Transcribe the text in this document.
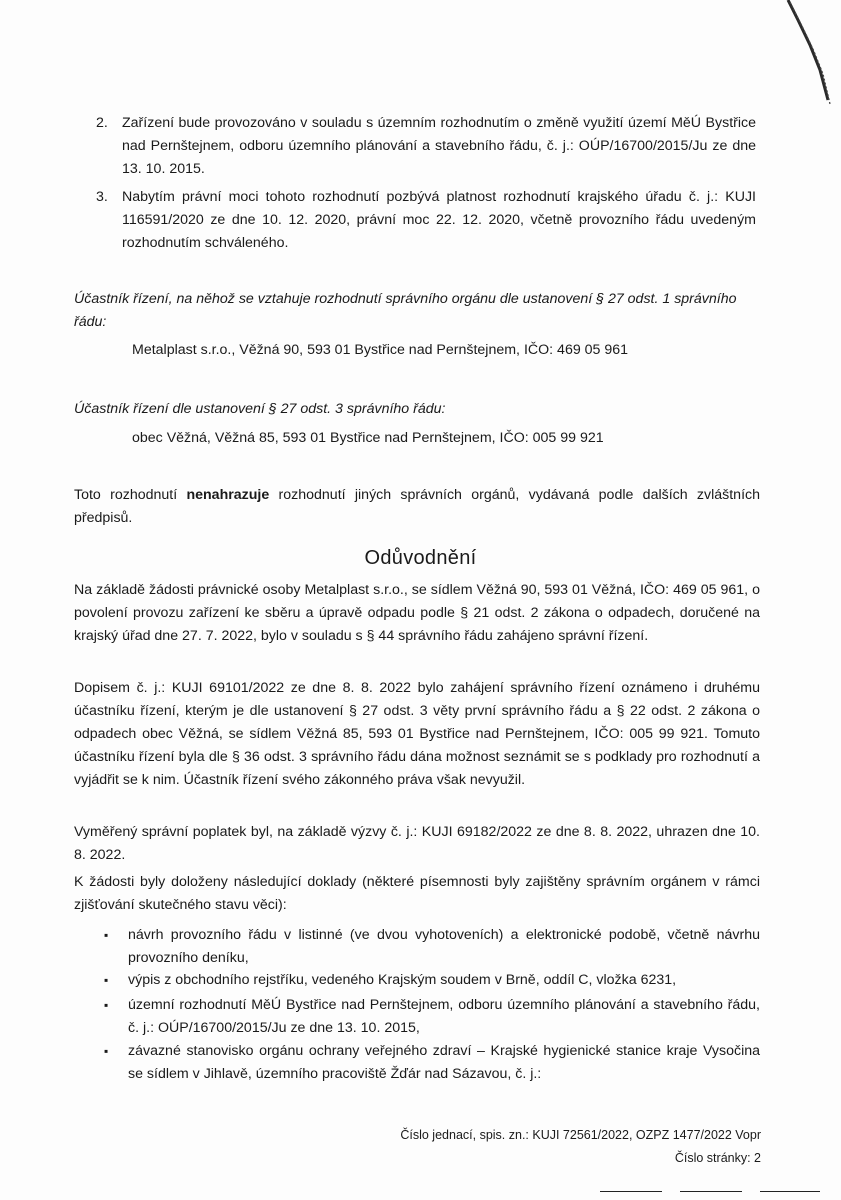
2. Zařízení bude provozováno v souladu s územním rozhodnutím o změně využití území MěÚ Bystřice nad Pernštejnem, odboru územního plánování a stavebního řádu, č. j.: OÚP/16700/2015/Ju ze dne 13. 10. 2015.
3. Nabytím právní moci tohoto rozhodnutí pozbývá platnost rozhodnutí krajského úřadu č. j.: KUJI 116591/2020 ze dne 10. 12. 2020, právní moc 22. 12. 2020, včetně provozního řádu uvedeným rozhodnutím schváleného.
Účastník řízení, na něhož se vztahuje rozhodnutí správního orgánu dle ustanovení § 27 odst. 1 správního řádu:
Metalplast s.r.o., Věžná 90, 593 01 Bystřice nad Pernštejnem, IČO: 469 05 961
Účastník řízení dle ustanovení § 27 odst. 3 správního řádu:
obec Věžná, Věžná 85, 593 01 Bystřice nad Pernštejnem, IČO: 005 99 921
Toto rozhodnutí nenahrazuje rozhodnutí jiných správních orgánů, vydávaná podle dalších zvláštních předpisů.
Odůvodnění
Na základě žádosti právnické osoby Metalplast s.r.o., se sídlem Věžná 90, 593 01 Věžná, IČO: 469 05 961, o povolení provozu zařízení ke sběru a úpravě odpadu podle § 21 odst. 2 zákona o odpadech, doručené na krajský úřad dne 27. 7. 2022, bylo v souladu s § 44 správního řádu zahájeno správní řízení.
Dopisem č. j.: KUJI 69101/2022 ze dne 8. 8. 2022 bylo zahájení správního řízení oznámeno i druhému účastníku řízení, kterým je dle ustanovení § 27 odst. 3 věty první správního řádu a § 22 odst. 2 zákona o odpadech obec Věžná, se sídlem Věžná 85, 593 01 Bystřice nad Pernštejnem, IČO: 005 99 921. Tomuto účastníku řízení byla dle § 36 odst. 3 správního řádu dána možnost seznámit se s podklady pro rozhodnutí a vyjádřit se k nim. Účastník řízení svého zákonného práva však nevyužil.
Vyměřený správní poplatek byl, na základě výzvy č. j.: KUJI 69182/2022 ze dne 8. 8. 2022, uhrazen dne 10. 8. 2022.
K žádosti byly doloženy následující doklady (některé písemnosti byly zajištěny správním orgánem v rámci zjišťování skutečného stavu věci):
▪ návrh provozního řádu v listinné (ve dvou vyhotoveních) a elektronické podobě, včetně návrhu provozního deníku,
▪ výpis z obchodního rejstříku, vedeného Krajským soudem v Brně, oddíl C, vložka 6231,
▪ územní rozhodnutí MěÚ Bystřice nad Pernštejnem, odboru územního plánování a stavebního řádu, č. j.: OÚP/16700/2015/Ju ze dne 13. 10. 2015,
▪ závazné stanovisko orgánu ochrany veřejného zdraví – Krajské hygienické stanice kraje Vysočina se sídlem v Jihlavě, územního pracoviště Žďár nad Sázavou, č. j.:
Číslo jednací, spis. zn.: KUJI 72561/2022, OZPZ 1477/2022 Vopr
Číslo stránky: 2
